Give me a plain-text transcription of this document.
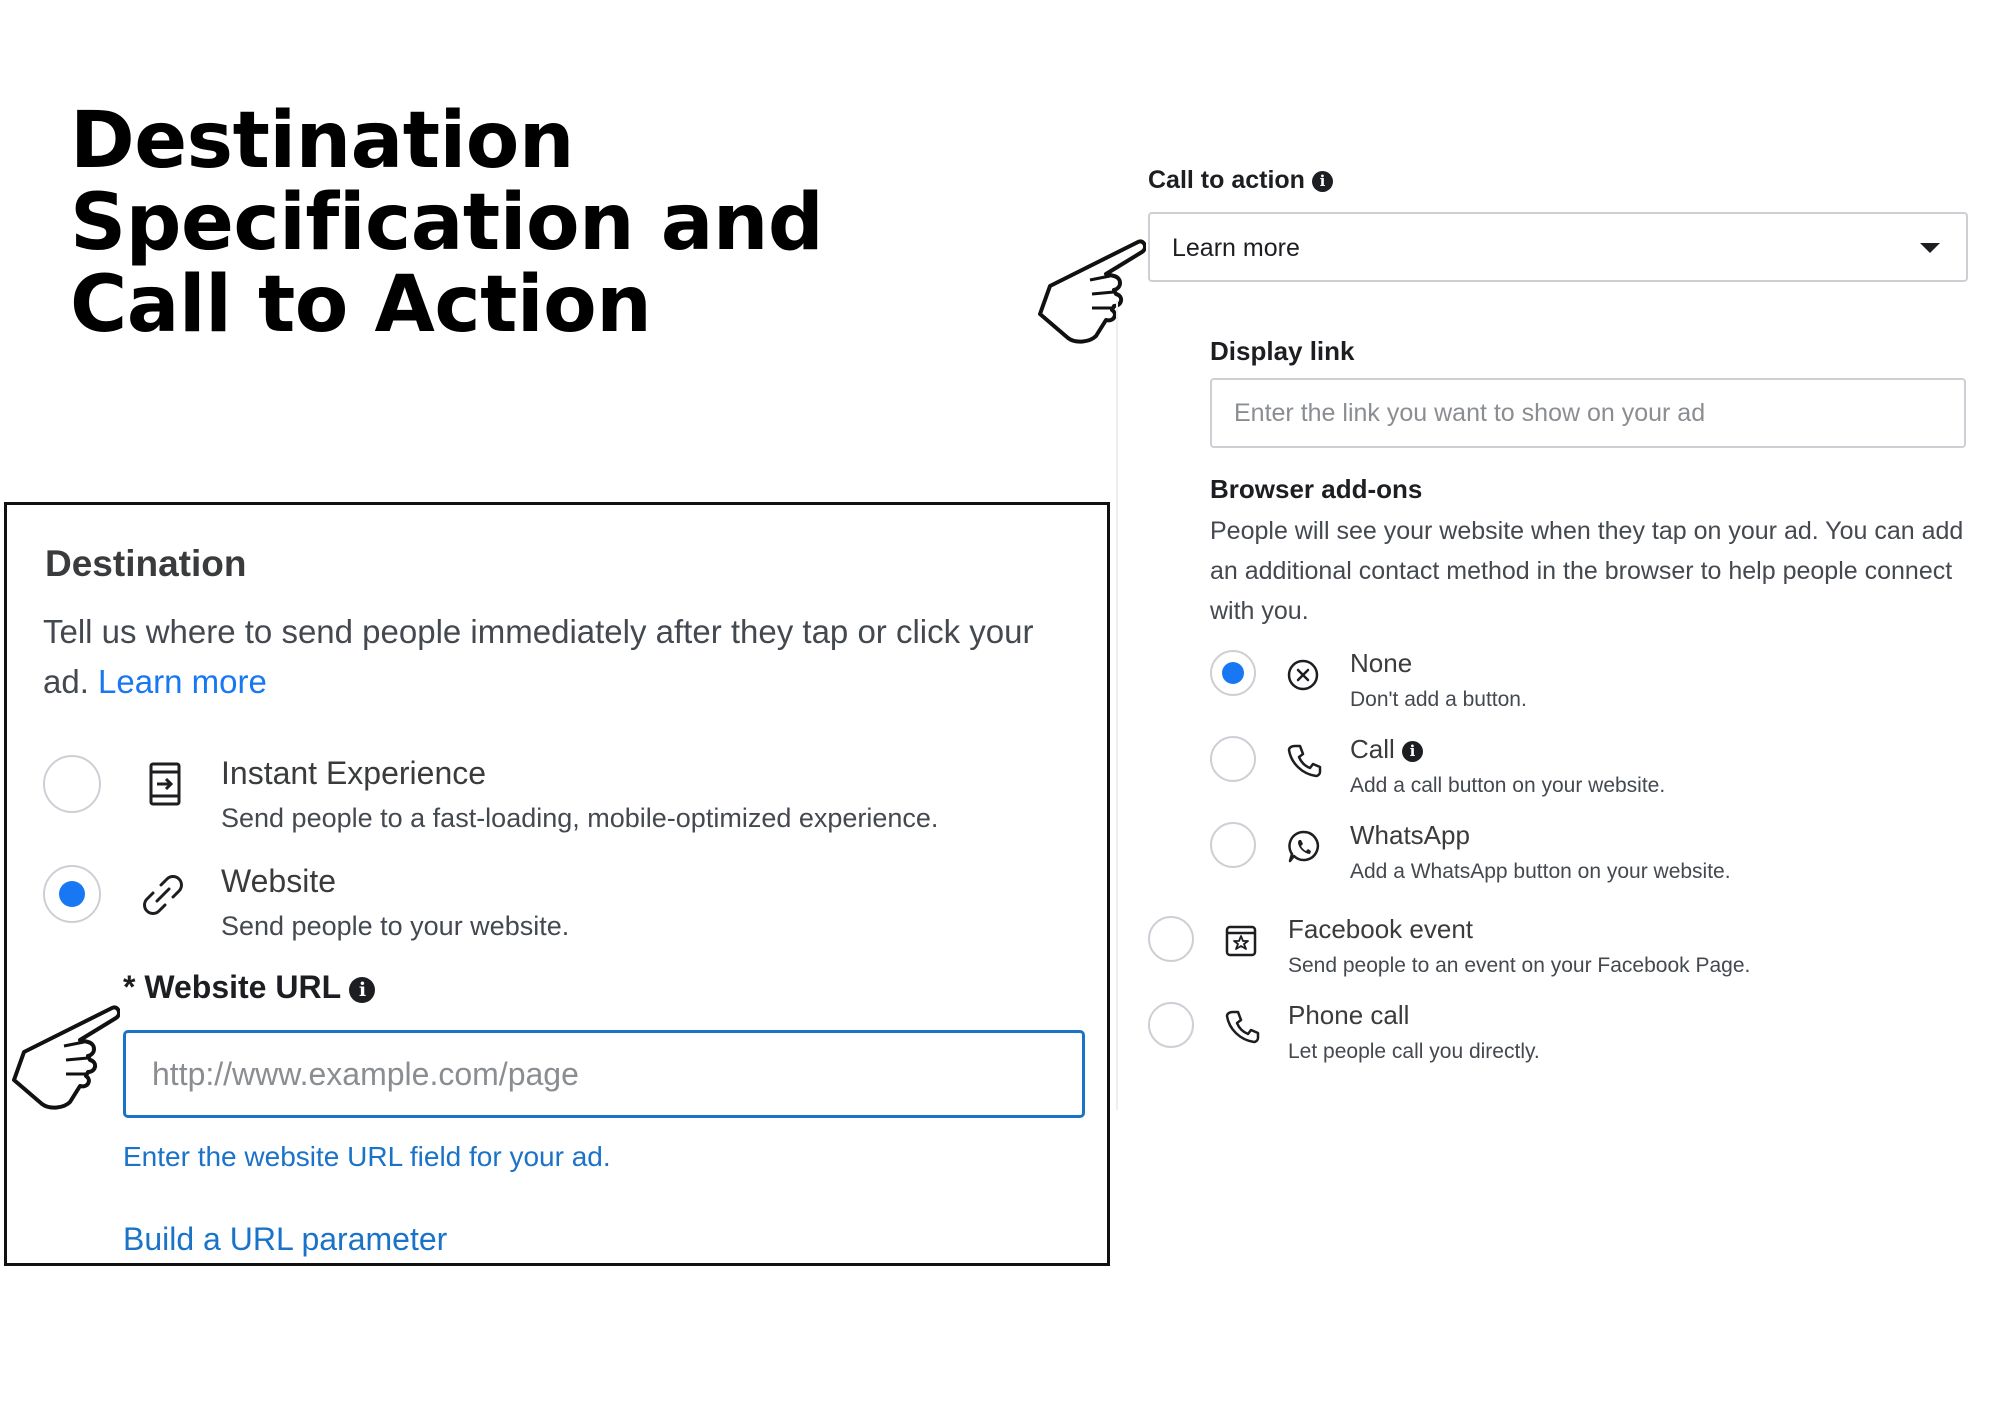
Destination
Specification and
Call to Action
Destination
Tell us where to send people immediately after they tap or click your ad. Learn more
Instant Experience
Send people to a fast-loading, mobile-optimized experience.
Website
Send people to your website.
* Website URL i
http://www.example.com/page
Enter the website URL field for your ad.
Build a URL parameter
Call to action i
Learn more
Display link
Enter the link you want to show on your ad
Browser add-ons
People will see your website when they tap on your ad. You can add an additional contact method in the browser to help people connect with you.
None
Don't add a button.
Call i
Add a call button on your website.
WhatsApp
Add a WhatsApp button on your website.
Facebook event
Send people to an event on your Facebook Page.
Phone call
Let people call you directly.
